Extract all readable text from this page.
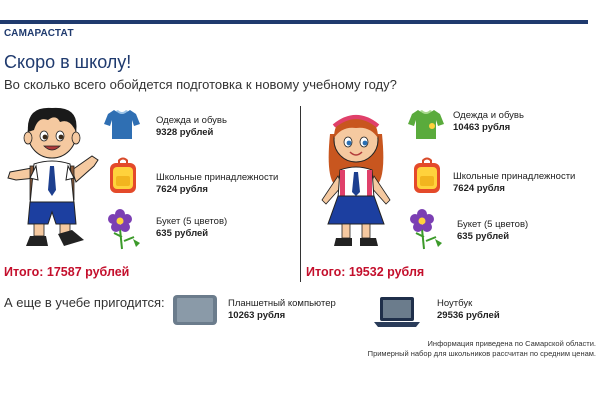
САМАРАСТАТ
Скоро в школу!
Во сколько всего обойдется подготовка к новому учебному году?
Одежда и обувь
9328 рублей
Школьные принадлежности
7624 рубля
Букет (5 цветов)
635 рублей
Итого: 17587 рублей
Одежда и обувь
10463 рубля
Школьные принадлежности
7624 рубля
Букет (5 цветов)
635 рублей
Итого: 19532 рубля
А еще в учебе пригодится:	Планшетный компьютер
10263 рубля
Ноутбук
29536 рублей
Информация приведена по Самарской области.
Примерный набор для школьников рассчитан по средним ценам.
